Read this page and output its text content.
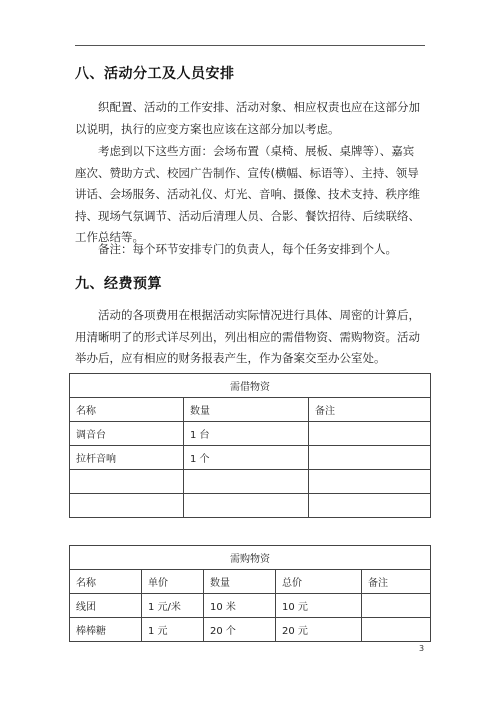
八、活动分工及人员安排

织配置、活动的工作安排、活动对象、相应权责也应在这部分加以说明，执行的应变方案也应该在这部分加以考虑。

考虑到以下这些方面：会场布置（桌椅、展板、桌牌等）、嘉宾座次、赞助方式、校园广告制作、宣传(横幅、标语等）、主持、领导讲话、会场服务、活动礼仪、灯光、音响、摄像、技术支持、秩序维持、现场气氛调节、活动后清理人员、合影、餐饮招待、后续联络、工作总结等。

备注：每个环节安排专门的负责人，每个任务安排到个人。

九、经费预算

活动的各项费用在根据活动实际情况进行具体、周密的计算后，用清晰明了的形式详尽列出，列出相应的需借物资、需购物资。活动举办后，应有相应的财务报表产生，作为备案交至办公室处。

需借物资		
名称	数量	备注
调音台	1 台	
拉杆音响	1 个	

需购物资				
名称	单价	数量	总价	备注
线团	1 元/米	10 米	10 元	
棒棒糖	1 元	20 个	20 元	
3
